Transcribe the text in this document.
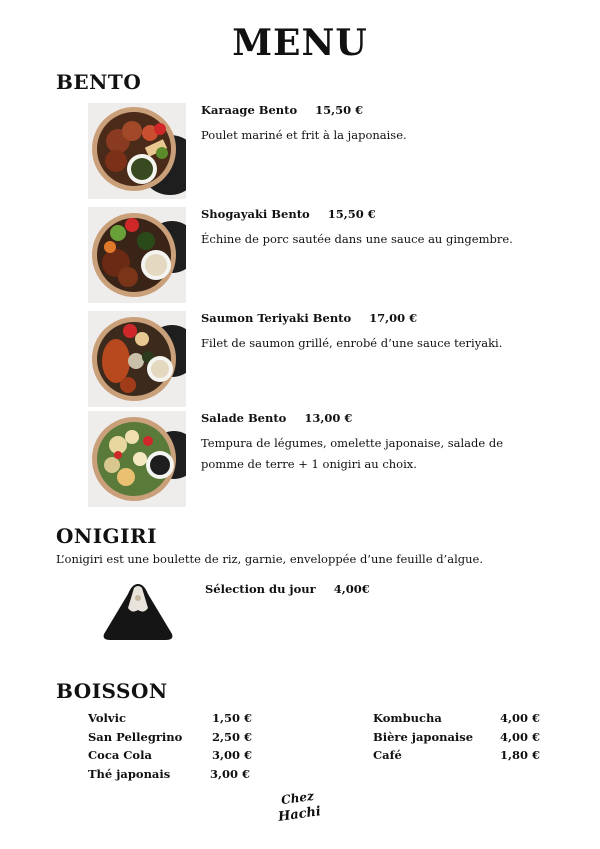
MENU
BENTO
Karaage Bento 15,50 €
Poulet mariné et frit à la japonaise.
Shogayaki Bento 15,50 €
Échine de porc sautée dans une sauce au gingembre.
Saumon Teriyaki Bento 17,00 €
Filet de saumon grillé, enrobé d’une sauce teriyaki.
Salade Bento 13,00 €
Tempura de légumes, omelette japonaise, salade de pomme de terre + 1 onigiri au choix.
ONIGIRI
L’onigiri est une boulette de riz, garnie, enveloppée d’une feuille d’algue.
Sélection du jour 4,00€
BOISSON
Volvic	1,50 €
San Pellegrino	2,50 €
Coca Cola	3,00 €
Thé japonais	3,00 €
Kombucha	4,00 €
Bière japonaise 4,00 €
Café	1,80 €
Chez
Hachi
